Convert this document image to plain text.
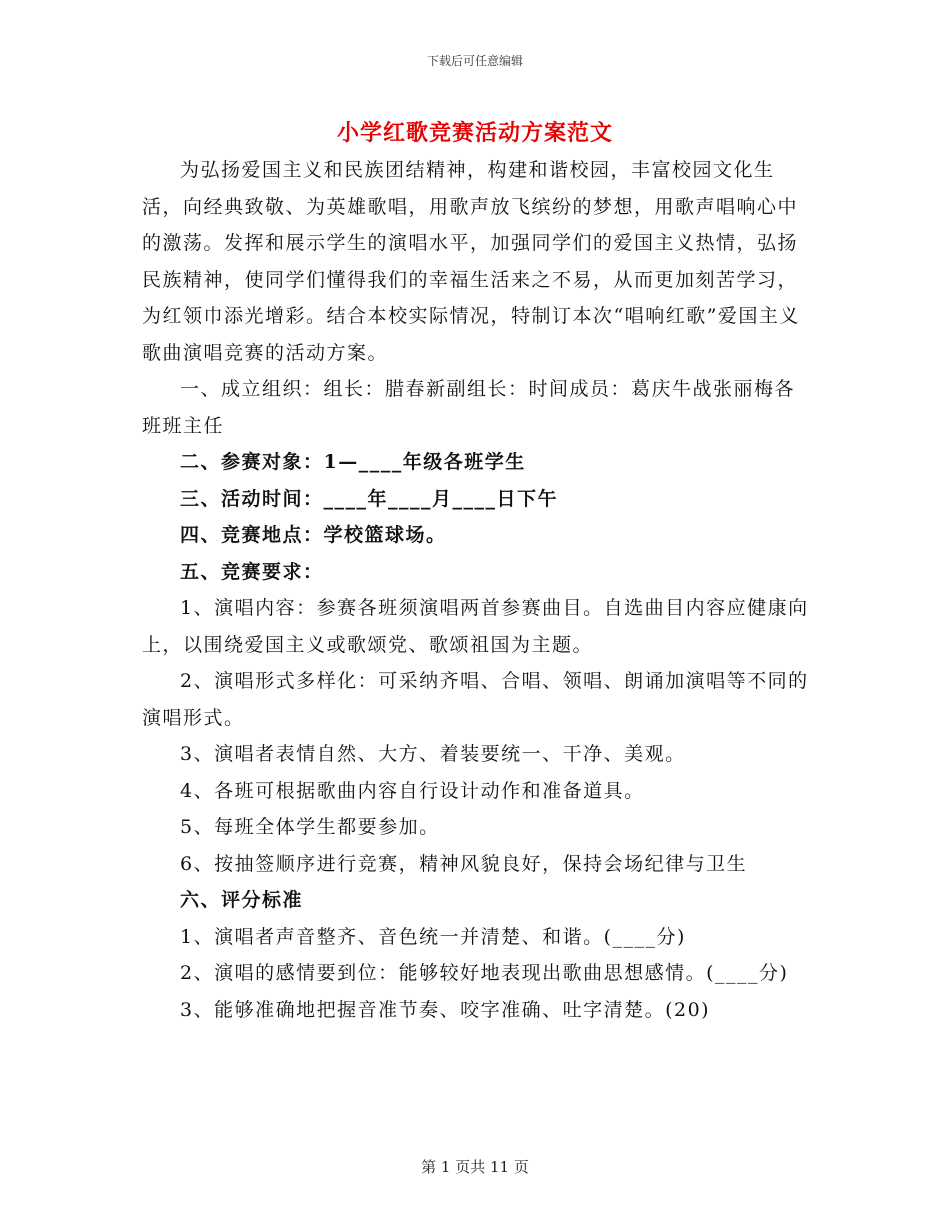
下载后可任意编辑
小学红歌竞赛活动方案范文

为弘扬爱国主义和民族团结精神，构建和谐校园，丰富校园文化生活，向经典致敬、为英雄歌唱，用歌声放飞缤纷的梦想，用歌声唱响心中的激荡。发挥和展示学生的演唱水平，加强同学们的爱国主义热情，弘扬民族精神，使同学们懂得我们的幸福生活来之不易，从而更加刻苦学习，为红领巾添光增彩。结合本校实际情况，特制订本次“唱响红歌”爱国主义歌曲演唱竞赛的活动方案。

一、成立组织：组长：腊春新副组长：时间成员：葛庆牛战张丽梅各班班主任

二、参赛对象：1—____年级各班学生

三、活动时间：____年____月____日下午

四、竞赛地点：学校篮球场。

五、竞赛要求：

1、演唱内容：参赛各班须演唱两首参赛曲目。自选曲目内容应健康向上，以围绕爱国主义或歌颂党、歌颂祖国为主题。

2、演唱形式多样化：可采纳齐唱、合唱、领唱、朗诵加演唱等不同的演唱形式。

3、演唱者表情自然、大方、着装要统一、干净、美观。

4、各班可根据歌曲内容自行设计动作和准备道具。

5、每班全体学生都要参加。

6、按抽签顺序进行竞赛，精神风貌良好，保持会场纪律与卫生

六、评分标准

1、演唱者声音整齐、音色统一并清楚、和谐。(____分)

2、演唱的感情要到位：能够较好地表现出歌曲思想感情。(____分)

3、能够准确地把握音准节奏、咬字准确、吐字清楚。(20)

第 1 页共 11 页
